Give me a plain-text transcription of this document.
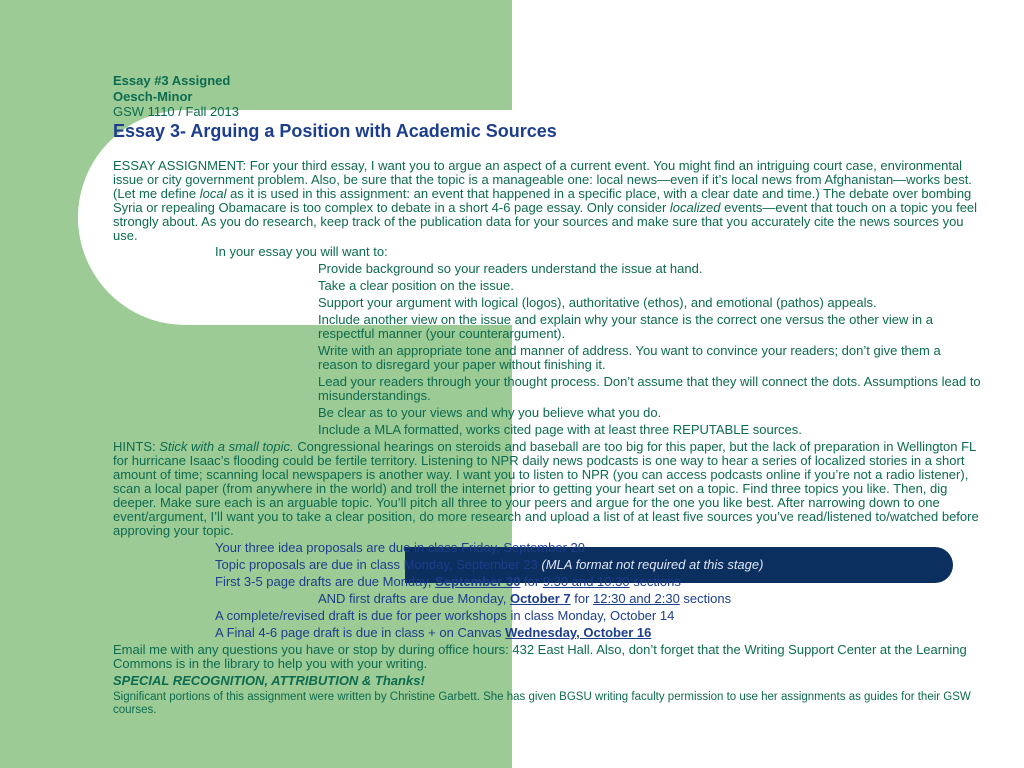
Essay #3 Assigned
Oesch-Minor
GSW 1110 / Fall 2013
Essay 3- Arguing a Position with Academic Sources

ESSAY ASSIGNMENT: For your third essay, I want you to argue an aspect of a current event. You might find an intriguing court case, environmental issue or city government problem. Also, be sure that the topic is a manageable one: local news—even if it’s local news from Afghanistan—works best. (Let me define local as it is used in this assignment: an event that happened in a specific place, with a clear date and time.) The debate over bombing Syria or repealing Obamacare is too complex to debate in a short 4-6 page essay. Only consider localized events—event that touch on a topic you feel strongly about. As you do research, keep track of the publication data for your sources and make sure that you accurately cite the news sources you use.

In your essay you will want to:
Provide background so your readers understand the issue at hand.
Take a clear position on the issue.
Support your argument with logical (logos), authoritative (ethos), and emotional (pathos) appeals.
Include another view on the issue and explain why your stance is the correct one versus the other view in a respectful manner (your counterargument).
Write with an appropriate tone and manner of address. You want to convince your readers; don’t give them a reason to disregard your paper without finishing it.
Lead your readers through your thought process. Don’t assume that they will connect the dots. Assumptions lead to misunderstandings.
Be clear as to your views and why you believe what you do.
Include a MLA formatted, works cited page with at least three REPUTABLE sources.

HINTS: Stick with a small topic. Congressional hearings on steroids and baseball are too big for this paper, but the lack of preparation in Wellington FL for hurricane Isaac’s flooding could be fertile territory. Listening to NPR daily news podcasts is one way to hear a series of localized stories in a short amount of time; scanning local newspapers is another way. I want you to listen to NPR (you can access podcasts online if you’re not a radio listener), scan a local paper (from anywhere in the world) and troll the internet prior to getting your heart set on a topic. Find three topics you like. Then, dig deeper. Make sure each is an arguable topic. You’ll pitch all three to your peers and argue for the one you like best. After narrowing down to one event/argument, I’ll want you to take a clear position, do more research and upload a list of at least five sources you’ve read/listened to/watched before approving your topic.

Your three idea proposals are due in class Friday, September 20
Topic proposals are due in class Monday, September 23 (MLA format not required at this stage)
First 3-5 page drafts are due Monday, September 30 for 9:30 and 10:30 sections
AND first drafts are due Monday, October 7 for 12:30 and 2:30 sections
A complete/revised draft is due for peer workshops in class Monday, October 14
A Final 4-6 page draft is due in class + on Canvas Wednesday, October 16

Email me with any questions you have or stop by during office hours: 432 East Hall. Also, don’t forget that the Writing Support Center at the Learning Commons is in the library to help you with your writing.

SPECIAL RECOGNITION, ATTRIBUTION & Thanks!

Significant portions of this assignment were written by Christine Garbett. She has given BGSU writing faculty permission to use her assignments as guides for their GSW courses.
